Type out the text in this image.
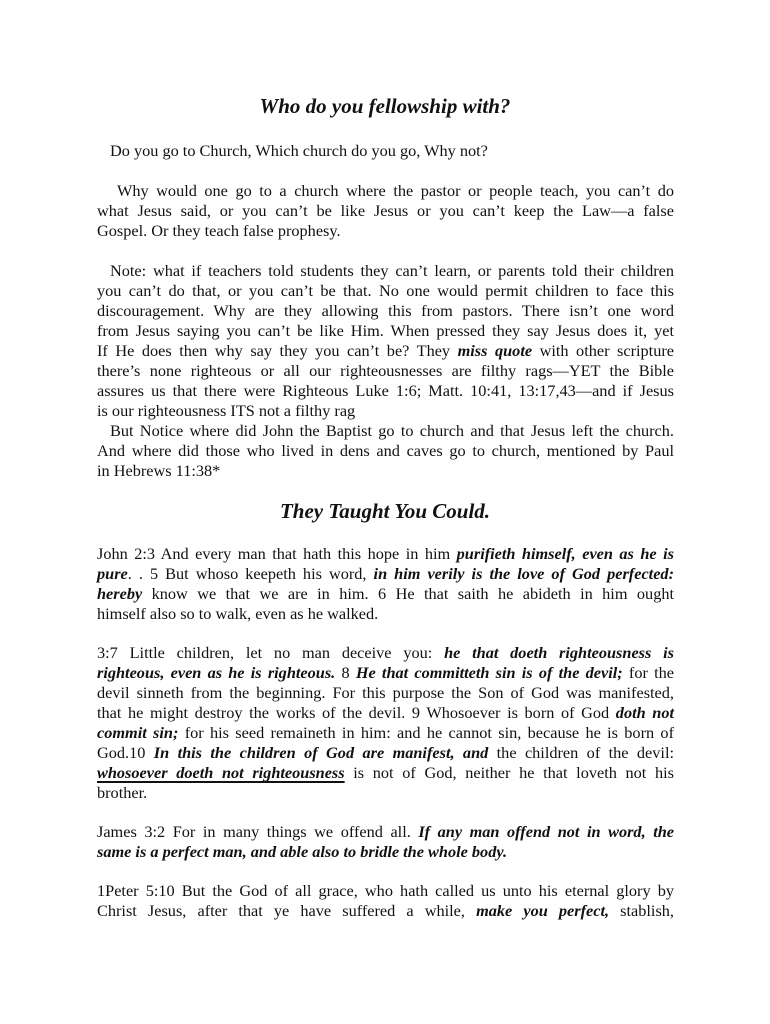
Who do you fellowship with?
Do you go to Church, Which church do you go, Why not?
Why would one go to a church where the pastor or people teach, you can’t do
what Jesus said, or you can’t be like Jesus or you can’t keep the Law—a false
Gospel. Or they teach false prophesy.
Note: what if teachers told students they can’t learn, or parents told their children
you can’t do that, or you can’t be that. No one would permit children to face this
discouragement. Why are they allowing this from pastors. There isn’t one word
from Jesus saying you can’t be like Him. When pressed they say Jesus does it, yet
If He does then why say they you can’t be? They miss quote with other scripture
there’s none righteous or all our righteousnesses are filthy rags—YET the Bible
assures us that there were Righteous Luke 1:6; Matt. 10:41, 13:17,43—and if Jesus
is our righteousness ITS not a filthy rag
But Notice where did John the Baptist go to church and that Jesus left the church.
And where did those who lived in dens and caves go to church, mentioned by Paul
in Hebrews 11:38*
They Taught You Could.
John 2:3 And every man that hath this hope in him purifieth himself, even as he is
pure. . 5 But whoso keepeth his word, in him verily is the love of God perfected:
hereby know we that we are in him. 6 He that saith he abideth in him ought
himself also so to walk, even as he walked.
3:7 Little children, let no man deceive you: he that doeth righteousness is
righteous, even as he is righteous. 8 He that committeth sin is of the devil; for the
devil sinneth from the beginning. For this purpose the Son of God was manifested,
that he might destroy the works of the devil. 9 Whosoever is born of God doth not
commit sin; for his seed remaineth in him: and he cannot sin, because he is born of
God.10 In this the children of God are manifest, and the children of the devil:
whosoever doeth not righteousness is not of God, neither he that loveth not his
brother.
James 3:2 For in many things we offend all. If any man offend not in word, the
same is a perfect man, and able also to bridle the whole body.
1Peter 5:10 But the God of all grace, who hath called us unto his eternal glory by
Christ Jesus, after that ye have suffered a while, make you perfect, stablish,
